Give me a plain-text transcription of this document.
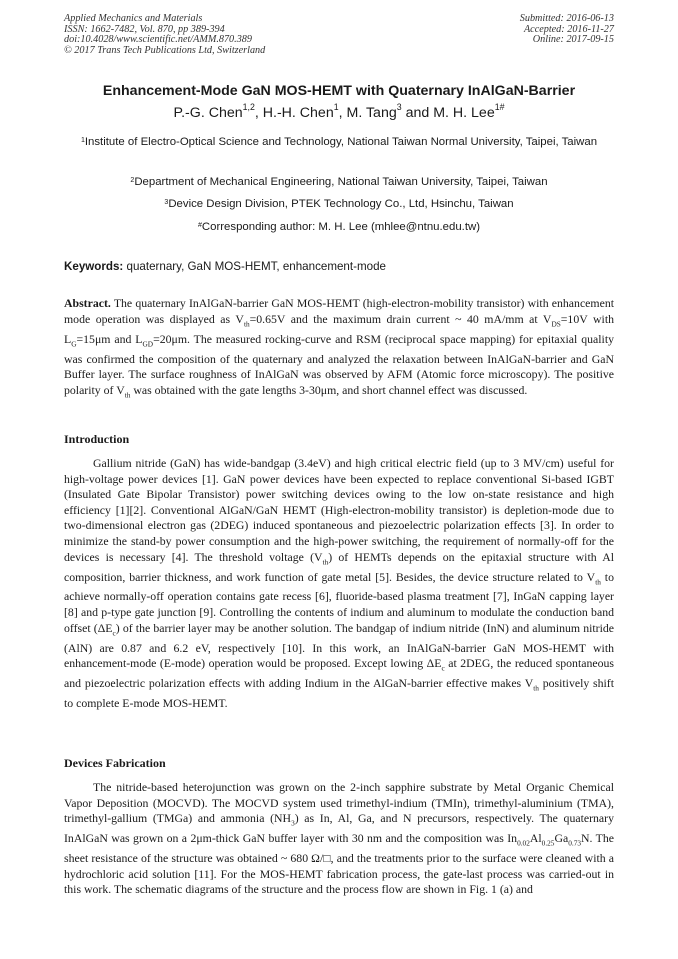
Applied Mechanics and Materials
ISSN: 1662-7482, Vol. 870, pp 389-394
doi:10.4028/www.scientific.net/AMM.870.389
© 2017 Trans Tech Publications Ltd, Switzerland
Submitted: 2016-06-13
Accepted: 2016-11-27
Online: 2017-09-15
Enhancement-Mode GaN MOS-HEMT with Quaternary InAlGaN-Barrier
P.-G. Chen$^{1,2}$, H.-H. Chen$^1$, M. Tang$^3$ and M. H. Lee$^{1\#}$
$^1$Institute of Electro-Optical Science and Technology, National Taiwan Normal University, Taipei, Taiwan
$^2$Department of Mechanical Engineering, National Taiwan University, Taipei, Taiwan
$^3$Device Design Division, PTEK Technology Co., Ltd, Hsinchu, Taiwan
#Corresponding author: M. H. Lee (mhlee@ntnu.edu.tw)
Keywords: quaternary, GaN MOS-HEMT, enhancement-mode

Abstract. The quaternary InAlGaN-barrier GaN MOS-HEMT (high-electron-mobility transistor) with enhancement mode operation was displayed as $V_{th}=0.65V$ and the maximum drain current ~ 40 mA/mm at $V_{DS}=10V$ with $L_G=15\mu m$ and $L_{GD}=20\mu m$. The measured rocking-curve and RSM (reciprocal space mapping) for epitaxial quality was confirmed the composition of the quaternary and analyzed the relaxation between InAlGaN-barrier and GaN Buffer layer. The surface roughness of InAlGaN was observed by AFM (Atomic force microscopy). The positive polarity of $V_{th}$ was obtained with the gate lengths 3-30μm, and short channel effect was discussed.

Introduction

Gallium nitride (GaN) has wide-bandgap (3.4eV) and high critical electric field (up to 3 MV/cm) useful for high-voltage power devices [1]. GaN power devices have been expected to replace conventional Si-based IGBT (Insulated Gate Bipolar Transistor) power switching devices owing to the low on-state resistance and high efficiency [1][2]. Conventional AlGaN/GaN HEMT (High-electron-mobility transistor) is depletion-mode due to two-dimensional electron gas (2DEG) induced spontaneous and piezoelectric polarization effects [3]. In order to minimize the stand-by power consumption and the high-power switching, the requirement of normally-off for the devices is necessary [4]. The threshold voltage $(V_{th})$ of HEMTs depends on the epitaxial structure with Al composition, barrier thickness, and work function of gate metal [5]. Besides, the device structure related to $V_{th}$ to achieve normally-off operation contains gate recess [6], fluoride-based plasma treatment [7], InGaN capping layer [8] and p-type gate junction [9]. Controlling the contents of indium and aluminum to modulate the conduction band offset $(\Delta E_c)$ of the barrier layer may be another solution. The bandgap of indium nitride (InN) and aluminum nitride (AlN) are 0.87 and 6.2 eV, respectively [10]. In this work, an InAlGaN-barrier GaN MOS-HEMT with enhancement-mode (E-mode) operation would be proposed. Except lowing $\Delta E_c$ at 2DEG, the reduced spontaneous and piezoelectric polarization effects with adding Indium in the AlGaN-barrier effective makes $V_{th}$ positively shift to complete E-mode MOS-HEMT.

Devices Fabrication

The nitride-based heterojunction was grown on the 2-inch sapphire substrate by Metal Organic Chemical Vapor Deposition (MOCVD). The MOCVD system used trimethyl-indium (TMIn), trimethyl-aluminium (TMA), trimethyl-gallium (TMGa) and ammonia $(NH_3)$ as In, Al, Ga, and N precursors, respectively. The quaternary InAlGaN was grown on a 2μm-thick GaN buffer layer with 30 nm and the composition was $In_{0.02}Al_{0.25}Ga_{0.73}N$. The sheet resistance of the structure was obtained ~ 680 Ω/□, and the treatments prior to the surface were cleaned with a hydrochloric acid solution [11]. For the MOS-HEMT fabrication process, the gate-last process was carried-out in this work. The schematic diagrams of the structure and the process flow are shown in Fig. 1 (a) and
